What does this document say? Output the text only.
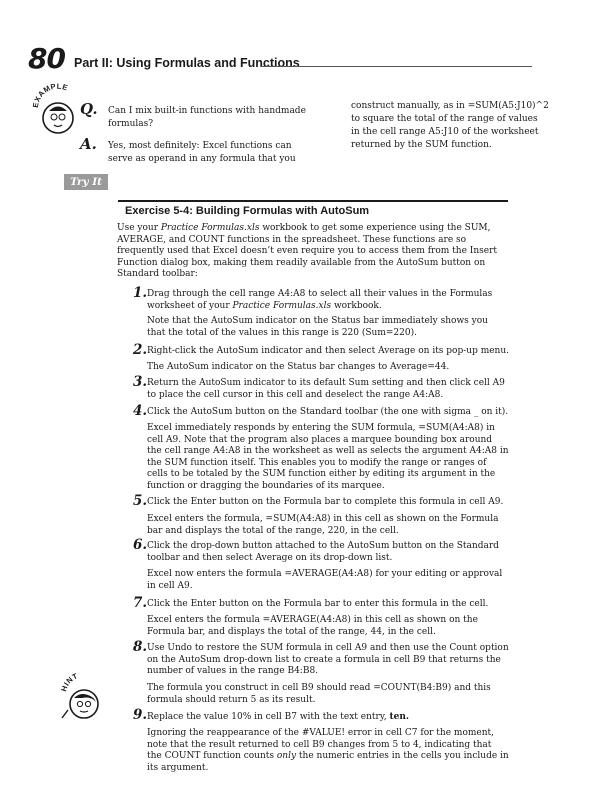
80 Part II: Using Formulas and Functions
XAMPLE
Q. Can I mix built-in functions with handmade formulas?
A. Yes, most definitely: Excel functions can serve as operand in any formula that you
construct manually, as in =SUM(A5:J10)^2 to square the total of the range of values in the cell range A5:J10 of the worksheet returned by the SUM function.
Try It
Exercise 5-4: Building Formulas with AutoSum
Use your Practice Formulas.xls workbook to get some experience using the SUM, AVERAGE, and COUNT functions in the spreadsheet. These functions are so frequently used that Excel doesn’t even require you to access them from the Insert Function dialog box, making them readily available from the AutoSum button on Standard toolbar:
1. Drag through the cell range A4:A8 to select all their values in the Formulas worksheet of your Practice Formulas.xls workbook.
Note that the AutoSum indicator on the Status bar immediately shows you that the total of the values in this range is 220 (Sum=220).
2. Right-click the AutoSum indicator and then select Average on its pop-up menu.
The AutoSum indicator on the Status bar changes to Average=44.
3. Return the AutoSum indicator to its default Sum setting and then click cell A9 to place the cell cursor in this cell and deselect the range A4:A8.
4. Click the AutoSum button on the Standard toolbar (the one with sigma _ on it).
Excel immediately responds by entering the SUM formula, =SUM(A4:A8) in cell A9. Note that the program also places a marquee bounding box around the cell range A4:A8 in the worksheet as well as selects the argument A4:A8 in the SUM function itself. This enables you to modify the range or ranges of cells to be totaled by the SUM function either by editing its argument in the function or dragging the boundaries of its marquee.
5. Click the Enter button on the Formula bar to complete this formula in cell A9.
Excel enters the formula, =SUM(A4:A8) in this cell as shown on the Formula bar and displays the total of the range, 220, in the cell.
6. Click the drop-down button attached to the AutoSum button on the Standard toolbar and then select Average on its drop-down list.
Excel now enters the formula =AVERAGE(A4:A8) for your editing or approval in cell A9.
7. Click the Enter button on the Formula bar to enter this formula in the cell.
Excel enters the formula =AVERAGE(A4:A8) in this cell as shown on the Formula bar, and displays the total of the range, 44, in the cell.
8. Use Undo to restore the SUM formula in cell A9 and then use the Count option on the AutoSum drop-down list to create a formula in cell B9 that returns the number of values in the range B4:B8.
The formula you construct in cell B9 should read =COUNT(B4:B9) and this formula should return 5 as its result.
HINT
9. Replace the value 10% in cell B7 with the text entry, ten.
Ignoring the reappearance of the #VALUE! error in cell C7 for the moment, note that the result returned to cell B9 changes from 5 to 4, indicating that the COUNT function counts only the numeric entries in the cells you include in its argument.
